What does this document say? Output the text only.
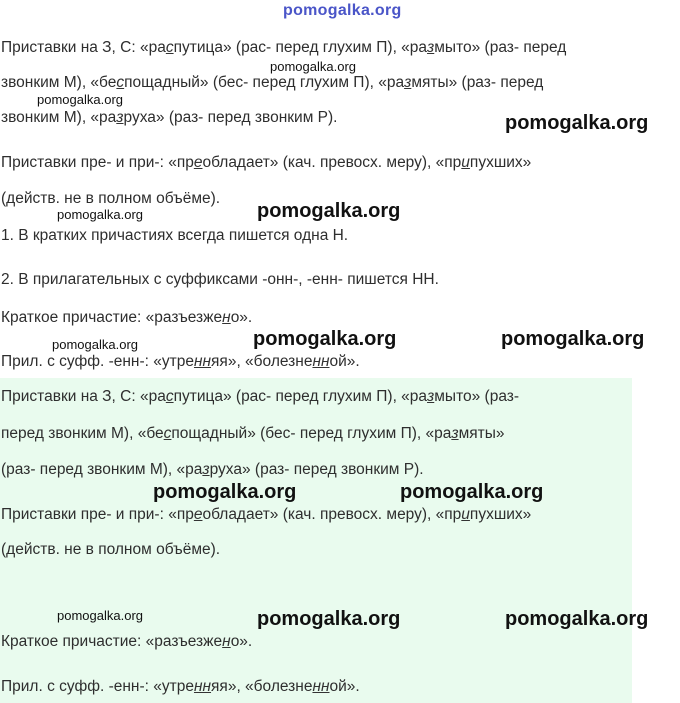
Приставки на З, С: «распутица» (рас- перед глухим П), «размыто» (раз- перед

звонким М), «беспощадный» (бес- перед глухим П), «размяты» (раз- перед

звонким М), «разруха» (раз- перед звонким Р).

Приставки пре- и при-: «преобладает» (кач. превосх. меру), «припухших»

(действ. не в полном объёме).

1. В кратких причастиях всегда пишется одна Н.

2. В прилагательных с суффиксами -онн-, -енн- пишется НН.

Краткое причастие: «разъезжено».

Прил. с суфф. -енн-: «утренняя», «болезненной».

Приставки на З, С: «распутица» (рас- перед глухим П), «размыто» (раз-

перед звонким М), «беспощадный» (бес- перед глухим П), «размяты»

(раз- перед звонким М), «разруха» (раз- перед звонким Р).

Приставки пре- и при-: «преобладает» (кач. превосх. меру), «припухших»

(действ. не в полном объёме).

Краткое причастие: «разъезжено».

Прил. с суфф. -енн-: «утренняя», «болезненной».

pomogalka.org
pomogalka.org
pomogalka.org
pomogalka.org
pomogalka.org	pomogalka.org
pomogalka.org	pomogalka.org	pomogalka.org
pomogalka.org	pomogalka.org
pomogalka.org	pomogalka.org	pomogalka.org
